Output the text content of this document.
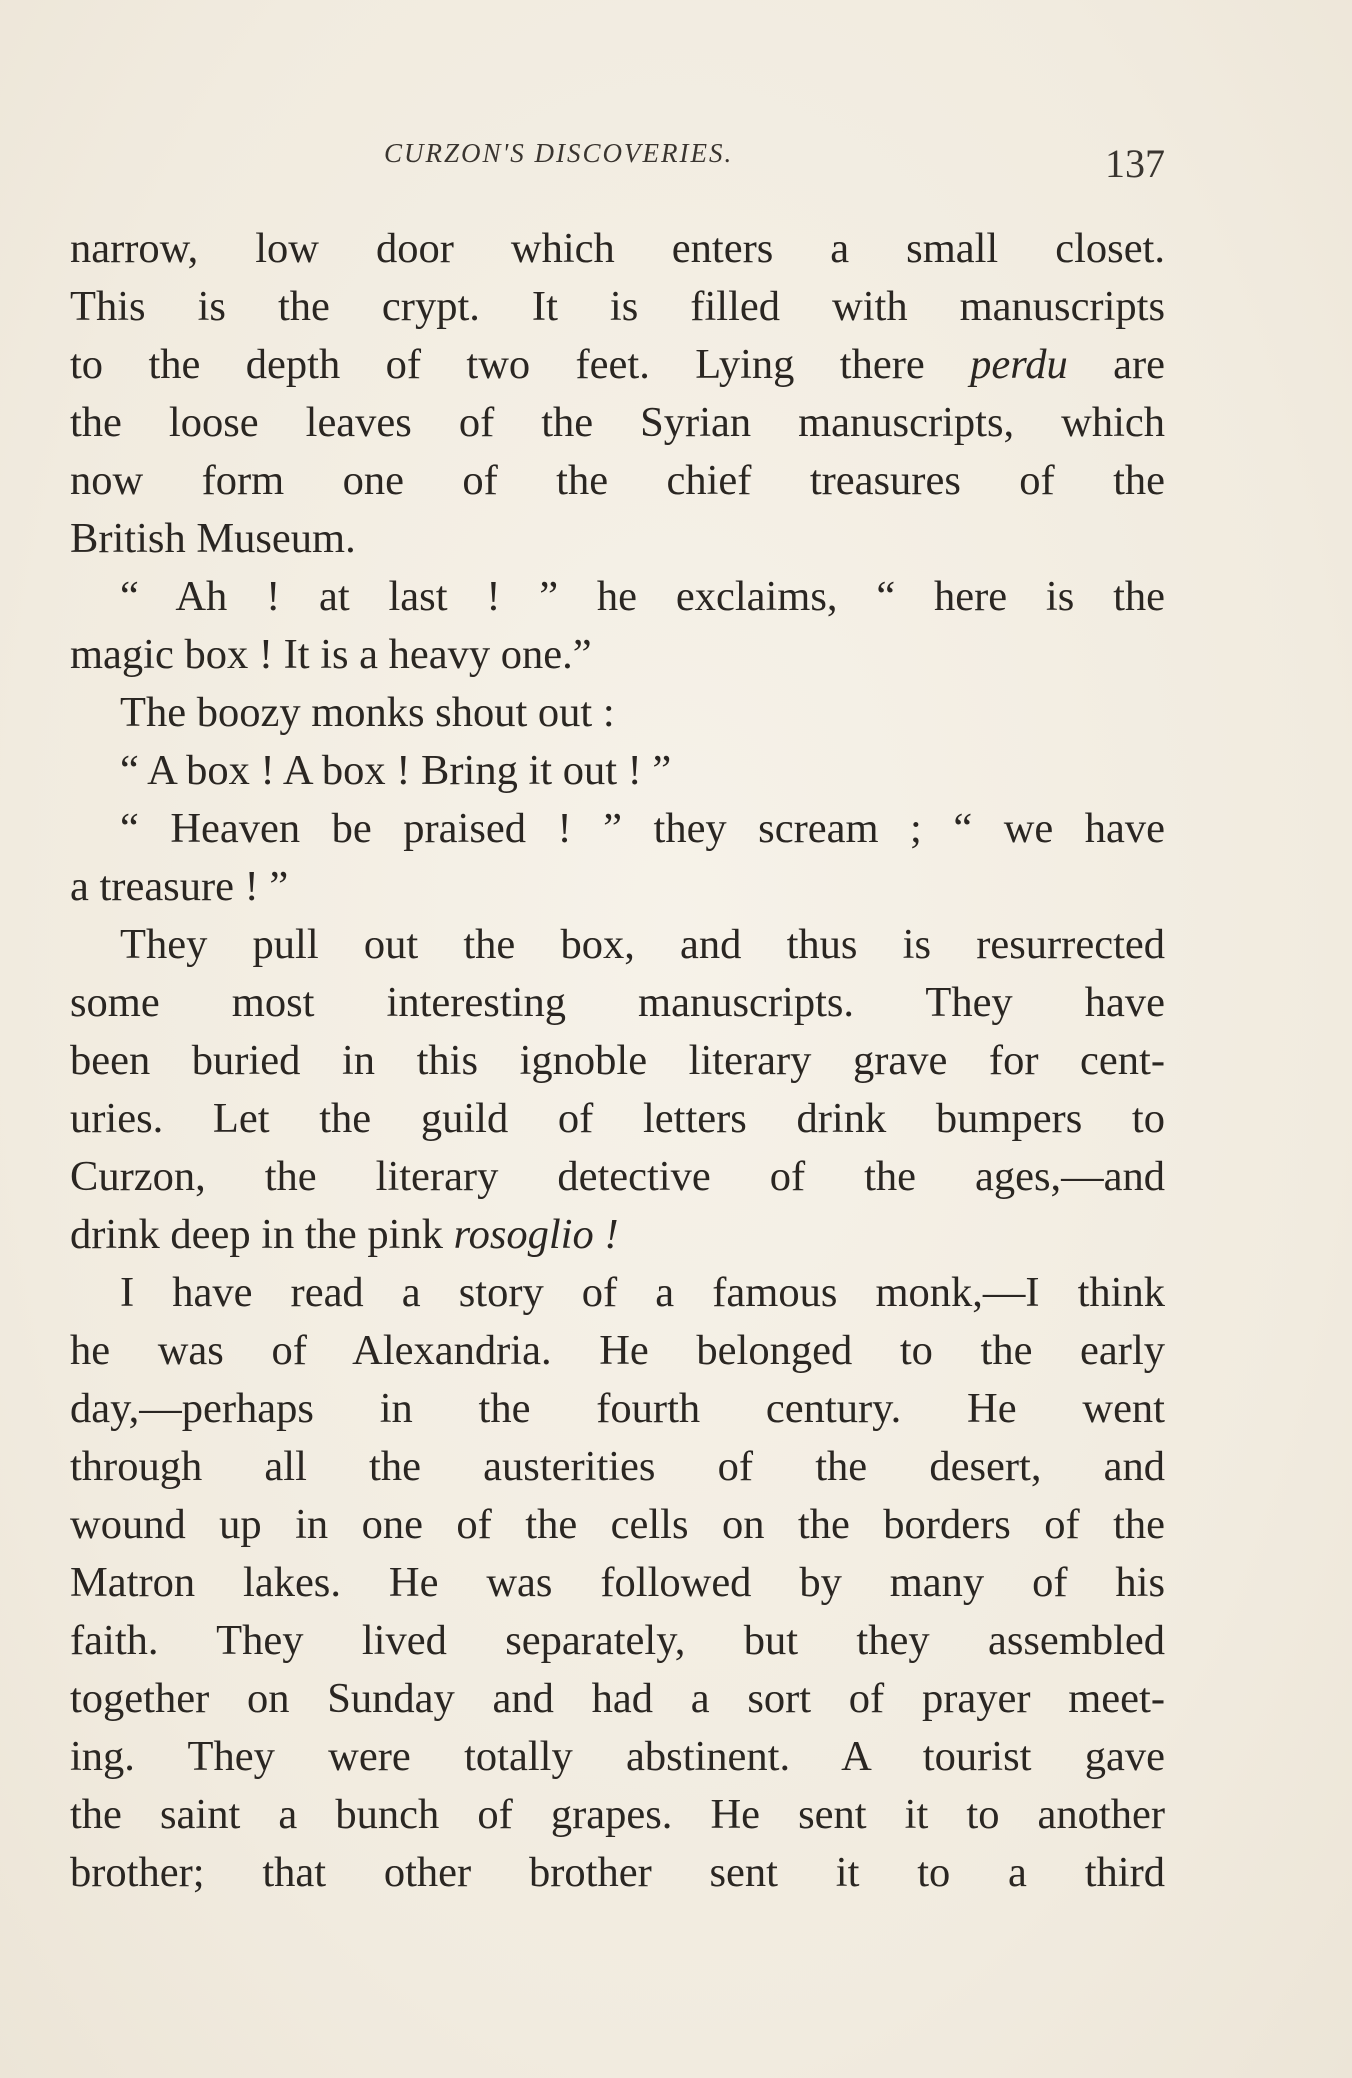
CURZON'S DISCOVERIES.	137
narrow, low door which enters a small closet.
This is the crypt. It is filled with manuscripts
to the depth of two feet. Lying there perdu are
the loose leaves of the Syrian manuscripts, which
now form one of the chief treasures of the
British Museum.
“ Ah ! at last ! ” he exclaims, “ here is the
magic box ! It is a heavy one.”
The boozy monks shout out :
“ A box ! A box ! Bring it out ! ”
“ Heaven be praised ! ” they scream ; “ we have
a treasure ! ”
They pull out the box, and thus is resurrected
some most interesting manuscripts. They have
been buried in this ignoble literary grave for cent-
uries. Let the guild of letters drink bumpers to
Curzon, the literary detective of the ages,—and
drink deep in the pink rosoglio !
I have read a story of a famous monk,—I think
he was of Alexandria. He belonged to the early
day,—perhaps in the fourth century. He went
through all the austerities of the desert, and
wound up in one of the cells on the borders of the
Matron lakes. He was followed by many of his
faith. They lived separately, but they assembled
together on Sunday and had a sort of prayer meet-
ing. They were totally abstinent. A tourist gave
the saint a bunch of grapes. He sent it to another
brother; that other brother sent it to a third
